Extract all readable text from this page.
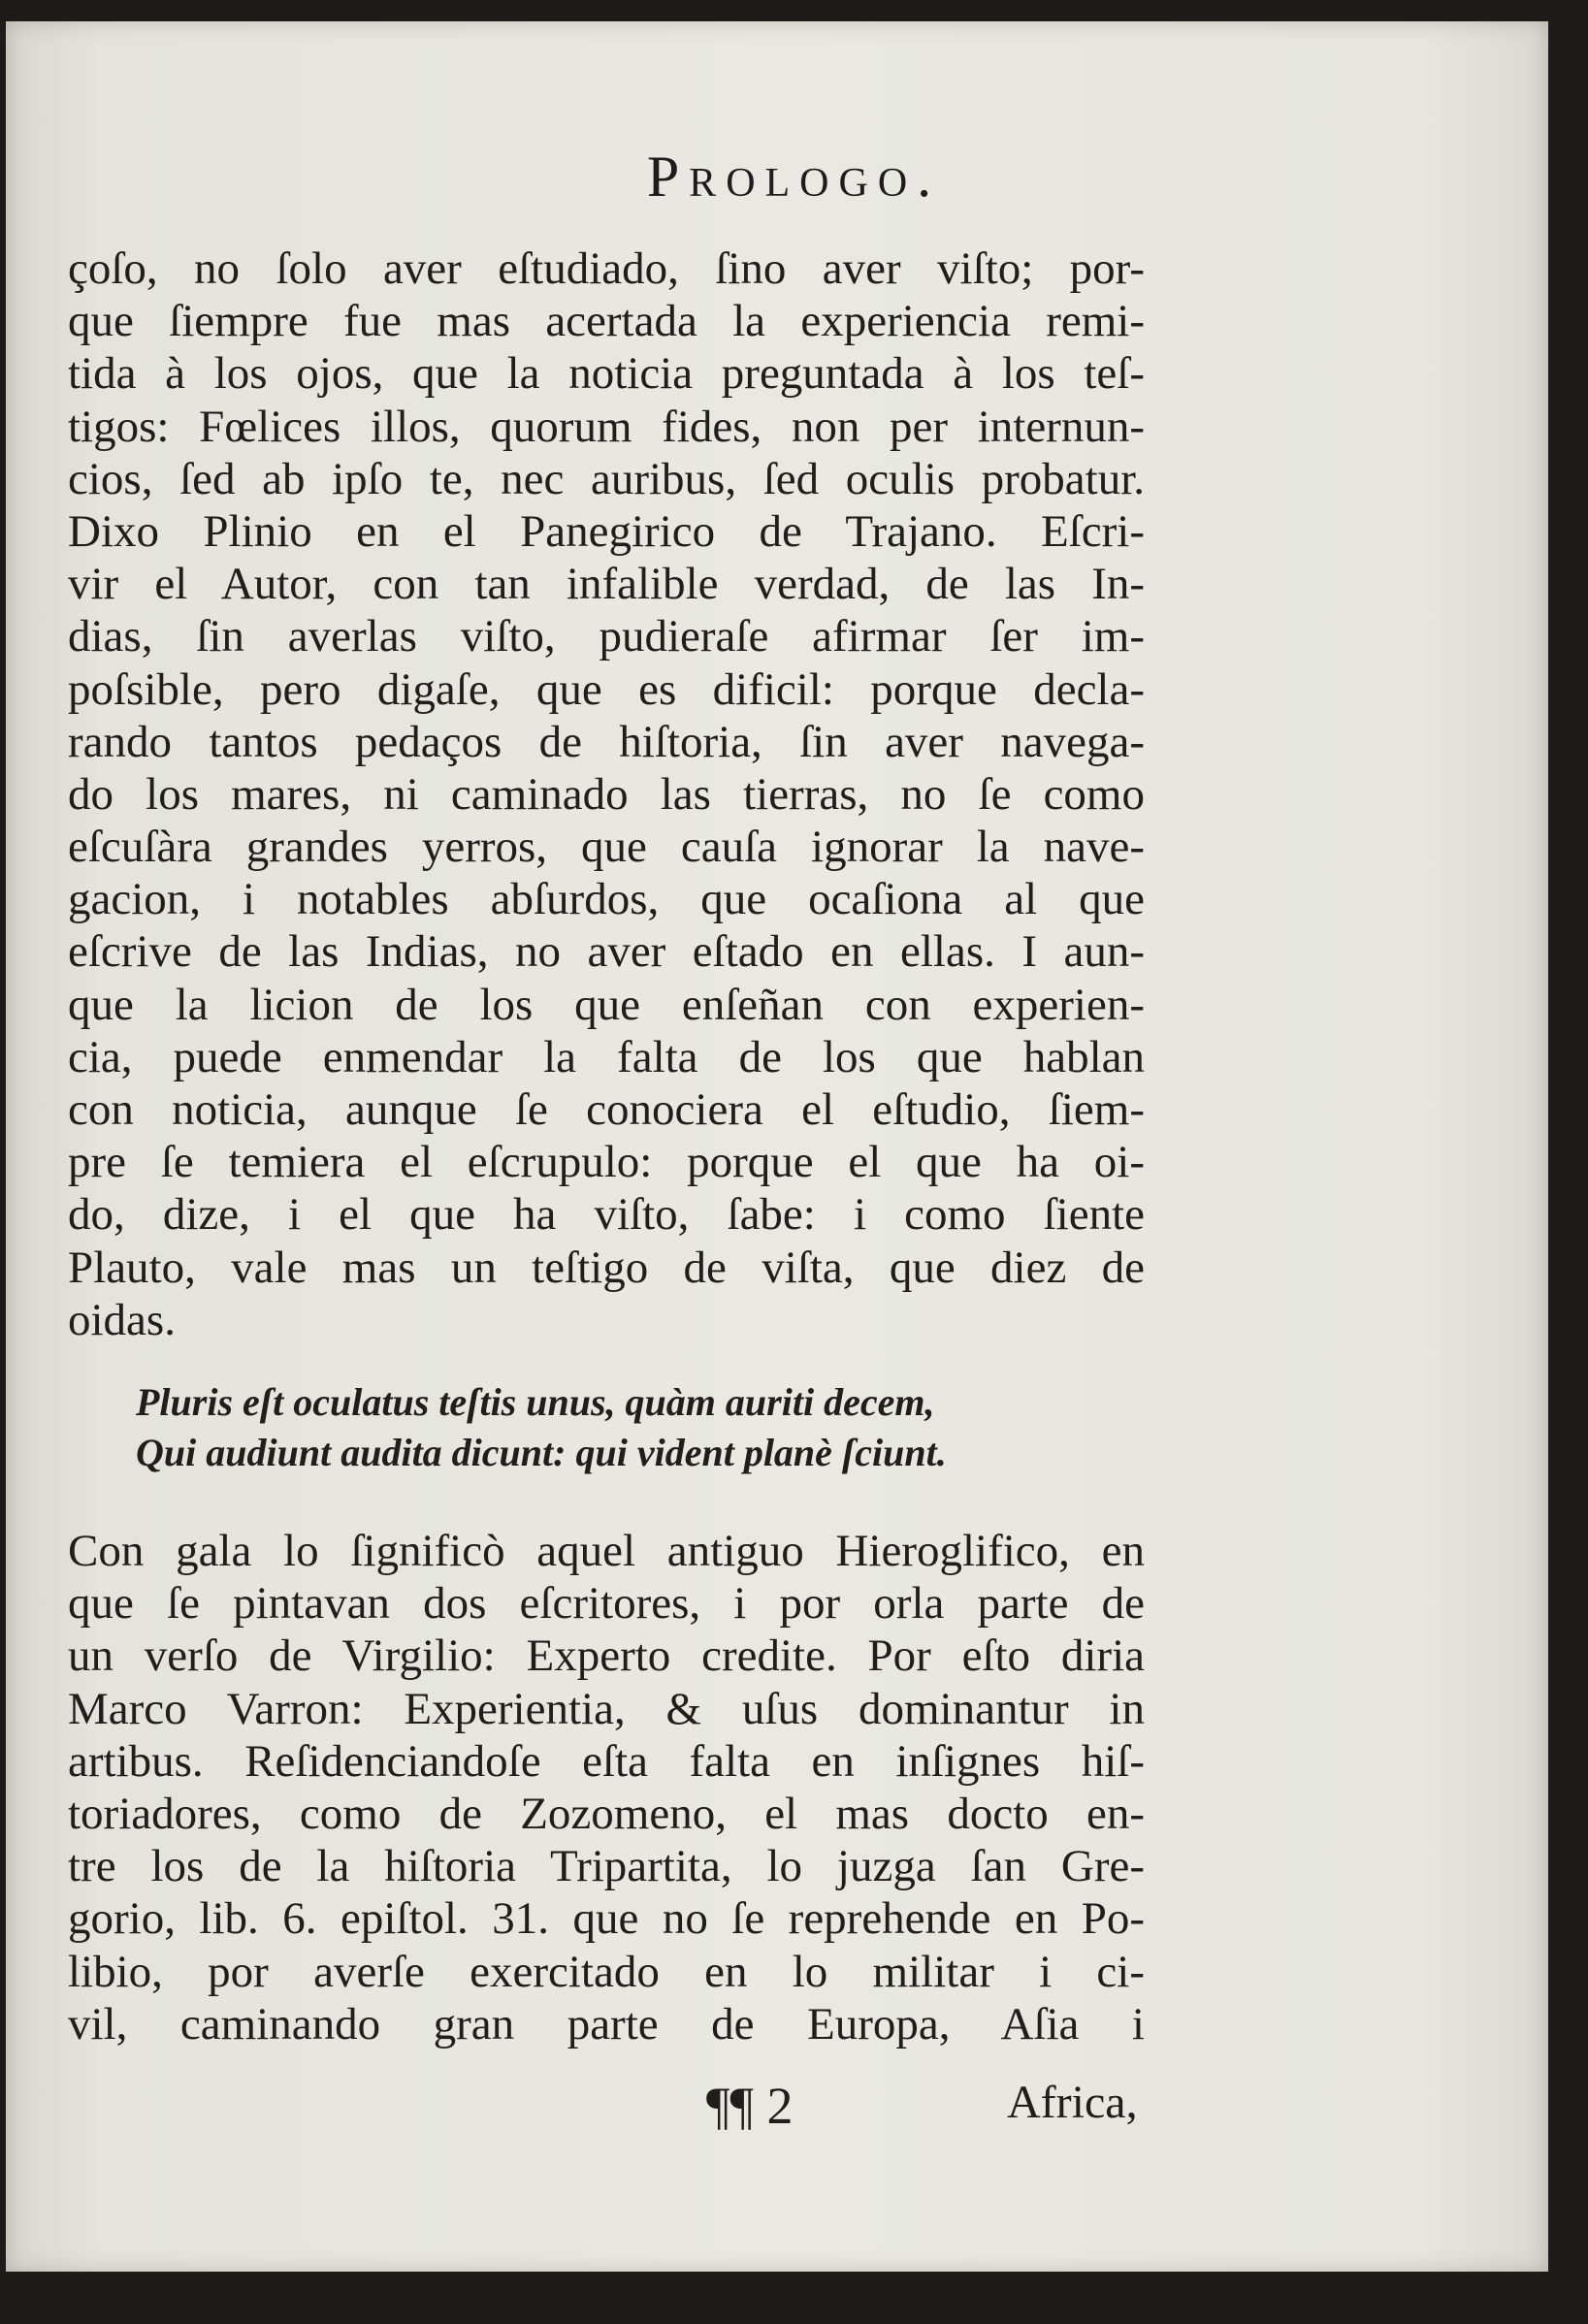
Prologo.
çoſo, no ſolo aver eſtudiado, ſino aver viſto; por-
que ſiempre fue mas acertada la experiencia remi-
tida à los ojos, que la noticia preguntada à los teſ-
tigos: Fœlices illos, quorum fides, non per internun-
cios, ſed ab ipſo te, nec auribus, ſed oculis probatur.
Dixo Plinio en el Panegirico de Trajano. Eſcri-
vir el Autor, con tan infalible verdad, de las In-
dias, ſin averlas viſto, pudieraſe afirmar ſer im-
poſsible, pero digaſe, que es dificil: porque decla-
rando tantos pedaços de hiſtoria, ſin aver navega-
do los mares, ni caminado las tierras, no ſe como
eſcuſàra grandes yerros, que cauſa ignorar la nave-
gacion, i notables abſurdos, que ocaſiona al que
eſcrive de las Indias, no aver eſtado en ellas. I aun-
que la licion de los que enſeñan con experien-
cia, puede enmendar la falta de los que hablan
con noticia, aunque ſe conociera el eſtudio, ſiem-
pre ſe temiera el eſcrupulo: porque el que ha oi-
do, dize, i el que ha viſto, ſabe: i como ſiente
Plauto, vale mas un teſtigo de viſta, que diez de
oidas.
Pluris eſt oculatus teſtis unus, quàm auriti decem,
Qui audiunt audita dicunt: qui vident planè ſciunt.
Con gala lo ſignificò aquel antiguo Hieroglifico, en
que ſe pintavan dos eſcritores, i por orla parte de
un verſo de Virgilio: Experto credite. Por eſto diria
Marco Varron: Experientia, & uſus dominantur in
artibus. Reſidenciandoſe eſta falta en inſignes hiſ-
toriadores, como de Zozomeno, el mas docto en-
tre los de la hiſtoria Tripartita, lo juzga ſan Gre-
gorio, lib. 6. epiſtol. 31. que no ſe reprehende en Po-
libio, por averſe exercitado en lo militar i ci-
vil, caminando gran parte de Europa, Aſia i
¶¶ 2	Africa,
